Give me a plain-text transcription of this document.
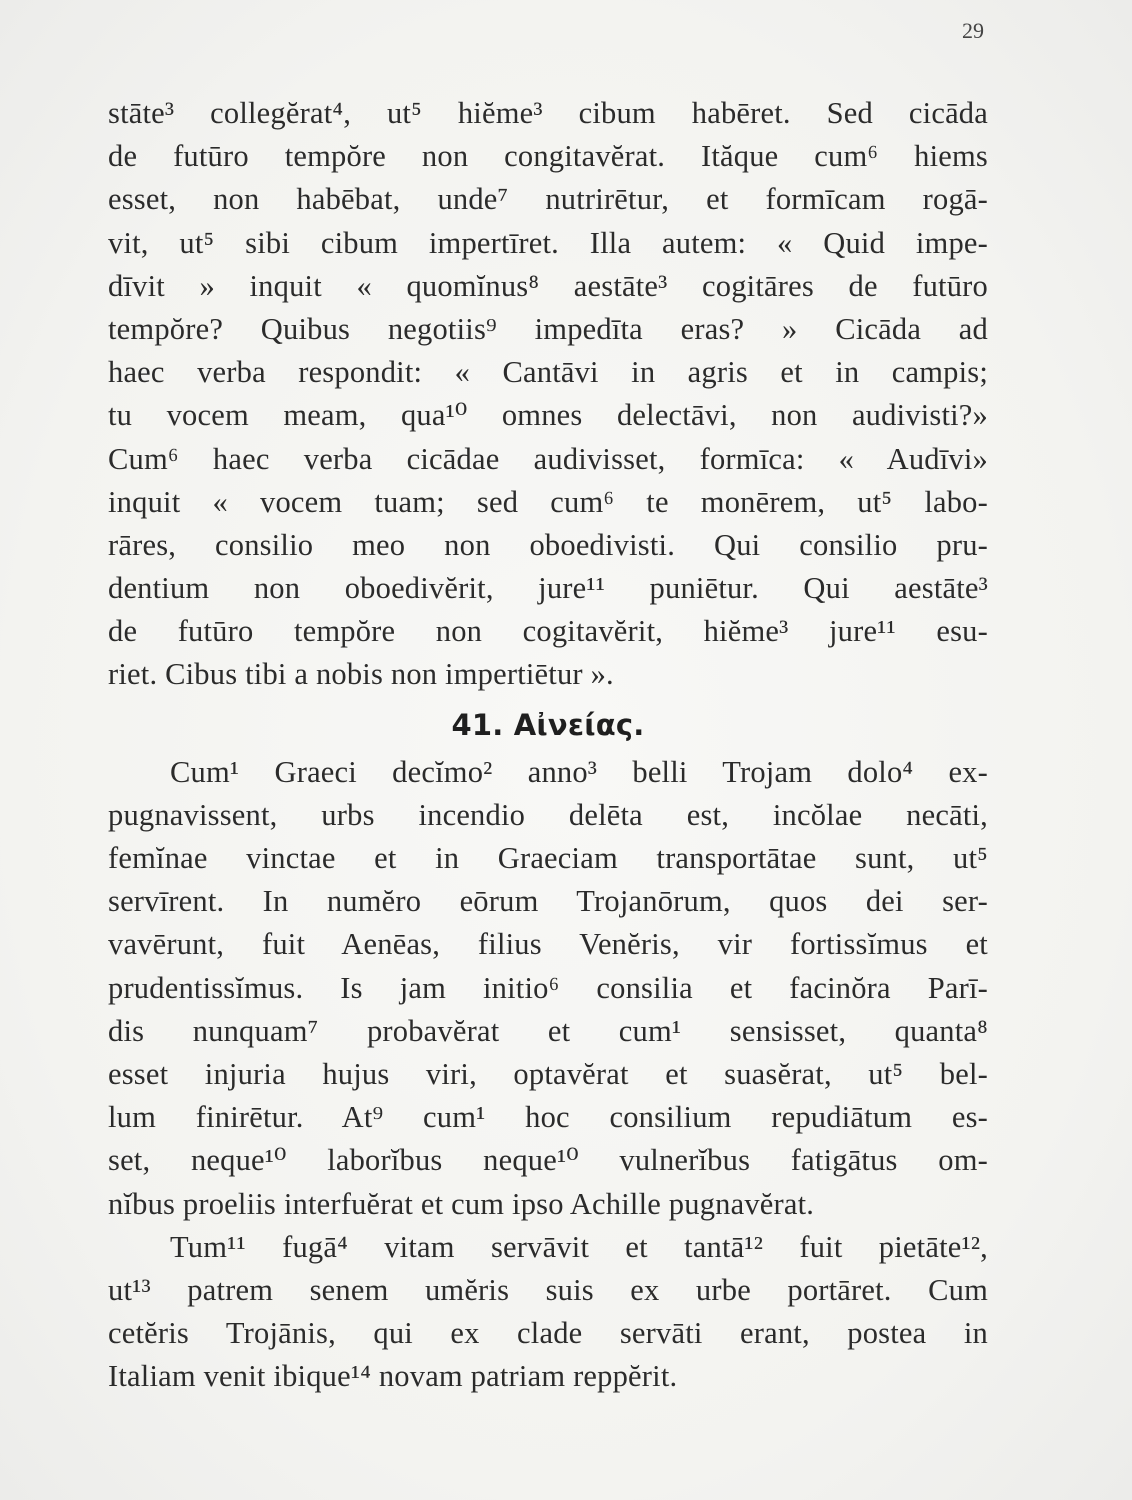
29
stāte³ collegĕrat⁴, ut⁵ hiĕme³ cibum habēret. Sed cicāda
de futūro tempŏre non congitavĕrat. Ităque cum⁶ hiems
esset, non habēbat, unde⁷ nutrirētur, et formīcam rogā-
vit, ut⁵ sibi cibum impertīret. Illa autem: « Quid impe-
dīvit » inquit « quomĭnus⁸ aestāte³ cogitāres de futūro
tempŏre? Quibus negotiis⁹ impedīta eras? » Cicāda ad
haec verba respondit: « Cantāvi in agris et in campis;
tu vocem meam, qua¹⁰ omnes delectāvi, non audivisti?»
Cum⁶ haec verba cicādae audivisset, formīca: « Audīvi»
inquit « vocem tuam; sed cum⁶ te monērem, ut⁵ labo-
rāres, consilio meo non oboedivisti. Qui consilio pru-
dentium non oboedivĕrit, jure¹¹ puniētur. Qui aestāte³
de futūro tempŏre non cogitavĕrit, hiĕme³ jure¹¹ esu-
riet. Cibus tibi a nobis non impertiētur ».
41. Αἰνείας.
Cum¹ Graeci decĭmo² anno³ belli Trojam dolo⁴ ex-
pugnavissent, urbs incendio delēta est, incŏlae necāti,
femĭnae vinctae et in Graeciam transportātae sunt, ut⁵
servīrent. In numĕro eōrum Trojanōrum, quos dei ser-
vavērunt, fuit Aenēas, filius Venĕris, vir fortissĭmus et
prudentissĭmus. Is jam initio⁶ consilia et facinŏra Parī-
dis nunquam⁷ probavĕrat et cum¹ sensisset, quanta⁸
esset injuria hujus viri, optavĕrat et suasĕrat, ut⁵ bel-
lum finirētur. At⁹ cum¹ hoc consilium repudiātum es-
set, neque¹⁰ laborĭbus neque¹⁰ vulnerĭbus fatigātus om-
nĭbus proeliis interfuĕrat et cum ipso Achille pugnavĕrat.
Tum¹¹ fugā⁴ vitam servāvit et tantā¹² fuit pietāte¹²,
ut¹³ patrem senem umĕris suis ex urbe portāret. Cum
cetĕris Trojānis, qui ex clade servāti erant, postea in
Italiam venit ibique¹⁴ novam patriam reppĕrit.
